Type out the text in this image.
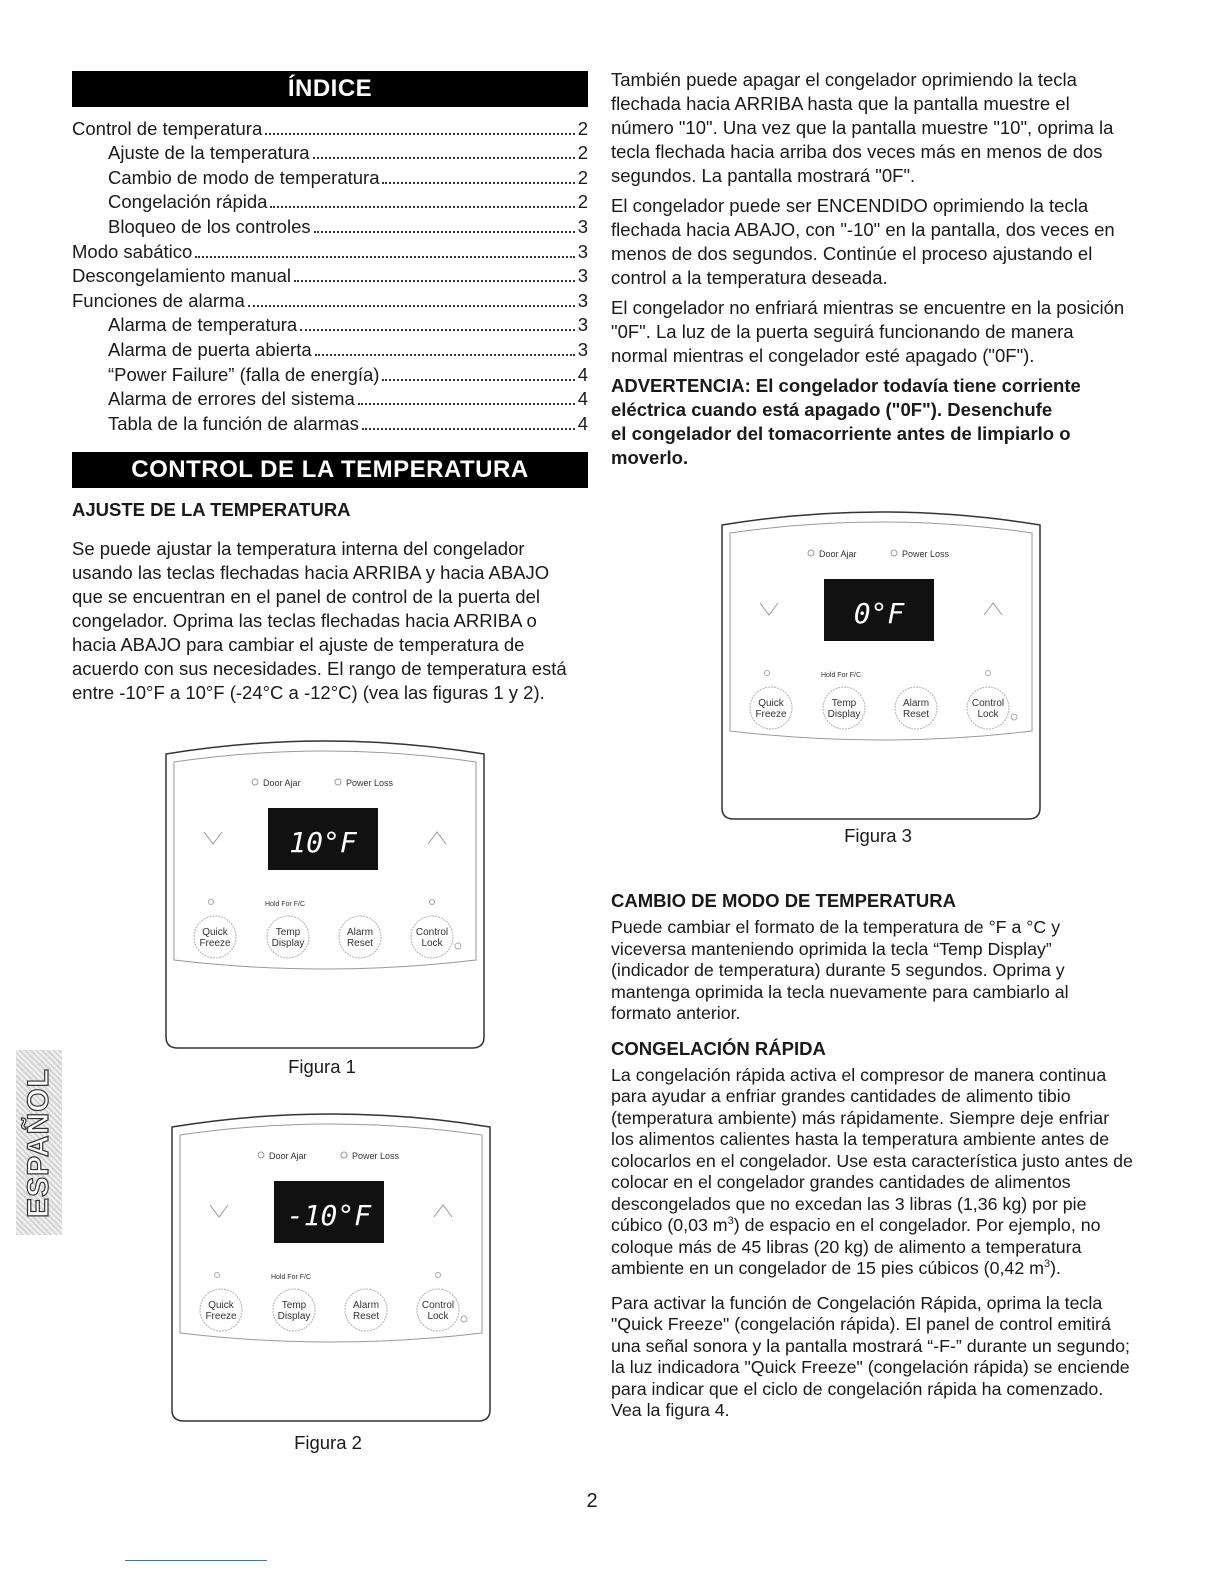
ÍNDICE
Control de temperatura	2
Ajuste de la temperatura	2
Cambio de modo de temperatura	2
Congelación rápida	2
Bloqueo de los controles	3
Modo sabático	3
Descongelamiento manual	3
Funciones de alarma	3
Alarma de temperatura	3
Alarma de puerta abierta	3
“Power Failure” (falla de energía)	4
Alarma de errores del sistema	4
Tabla de la función de alarmas	4
CONTROL DE LA TEMPERATURA
AJUSTE DE LA TEMPERATURA

Se puede ajustar la temperatura interna del congelador usando las teclas flechadas hacia ARRIBA y hacia ABAJO que se encuentran en el panel de control de la puerta del congelador. Oprima las teclas flechadas hacia ARRIBA o hacia ABAJO para cambiar el ajuste de temperatura de acuerdo con sus necesidades. El rango de temperatura está entre -10°F a 10°F (-24°C a -12°C) (vea las figuras 1 y 2).

Door Ajar	Power Loss
10°F
Hold For F/C
Quick
Freeze
Temp
Display
Alarm
Reset
Control
Lock
Figura 1
Door Ajar	Power Loss
-10°F
Hold For F/C
Quick
Freeze
Temp
Display
Alarm
Reset
Control
Lock
Figura 2

También puede apagar el congelador oprimiendo la tecla flechada hacia ARRIBA hasta que la pantalla muestre el número "10". Una vez que la pantalla muestre "10", oprima la tecla flechada hacia arriba dos veces más en menos de dos segundos. La pantalla mostrará "0F".

El congelador puede ser ENCENDIDO oprimiendo la tecla flechada hacia ABAJO, con "-10" en la pantalla, dos veces en menos de dos segundos. Continúe el proceso ajustando el control a la temperatura deseada.

El congelador no enfriará mientras se encuentre en la posición "0F". La luz de la puerta seguirá funcionando de manera normal mientras el congelador esté apagado ("0F").

ADVERTENCIA: El congelador todavía tiene corriente
eléctrica cuando está apagado ("0F"). Desenchufe
el congelador del tomacorriente antes de limpiarlo o
moverlo.
Door Ajar	Power Loss
0°F
Hold For F/C
Quick
Freeze
Temp
Display
Alarm
Reset
Control
Lock
Figura 3
CAMBIO DE MODO DE TEMPERATURA

Puede cambiar el formato de la temperatura de °F a °C y viceversa manteniendo oprimida la tecla “Temp Display” (indicador de temperatura) durante 5 segundos. Oprima y mantenga oprimida la tecla nuevamente para cambiarlo al formato anterior.

CONGELACIÓN RÁPIDA

La congelación rápida activa el compresor de manera continua para ayudar a enfriar grandes cantidades de alimento tibio (temperatura ambiente) más rápidamente. Siempre deje enfriar los alimentos calientes hasta la temperatura ambiente antes de colocarlos en el congelador. Use esta característica justo antes de colocar en el congelador grandes cantidades de alimentos descongelados que no excedan las 3 libras (1,36 kg) por pie cúbico (0,03 $m^3$) de espacio en el congelador. Por ejemplo, no coloque más de 45 libras (20 kg) de alimento a temperatura ambiente en un congelador de 15 pies cúbicos (0,42 $m^3$).

Para activar la función de Congelación Rápida, oprima la tecla "Quick Freeze" (congelación rápida). El panel de control emitirá una señal sonora y la pantalla mostrará “-F-” durante un segundo; la luz indicadora "Quick Freeze" (congelación rápida) se enciende para indicar que el ciclo de congelación rápida ha comenzado. Vea la figura 4.

ESPAÑOL
2
